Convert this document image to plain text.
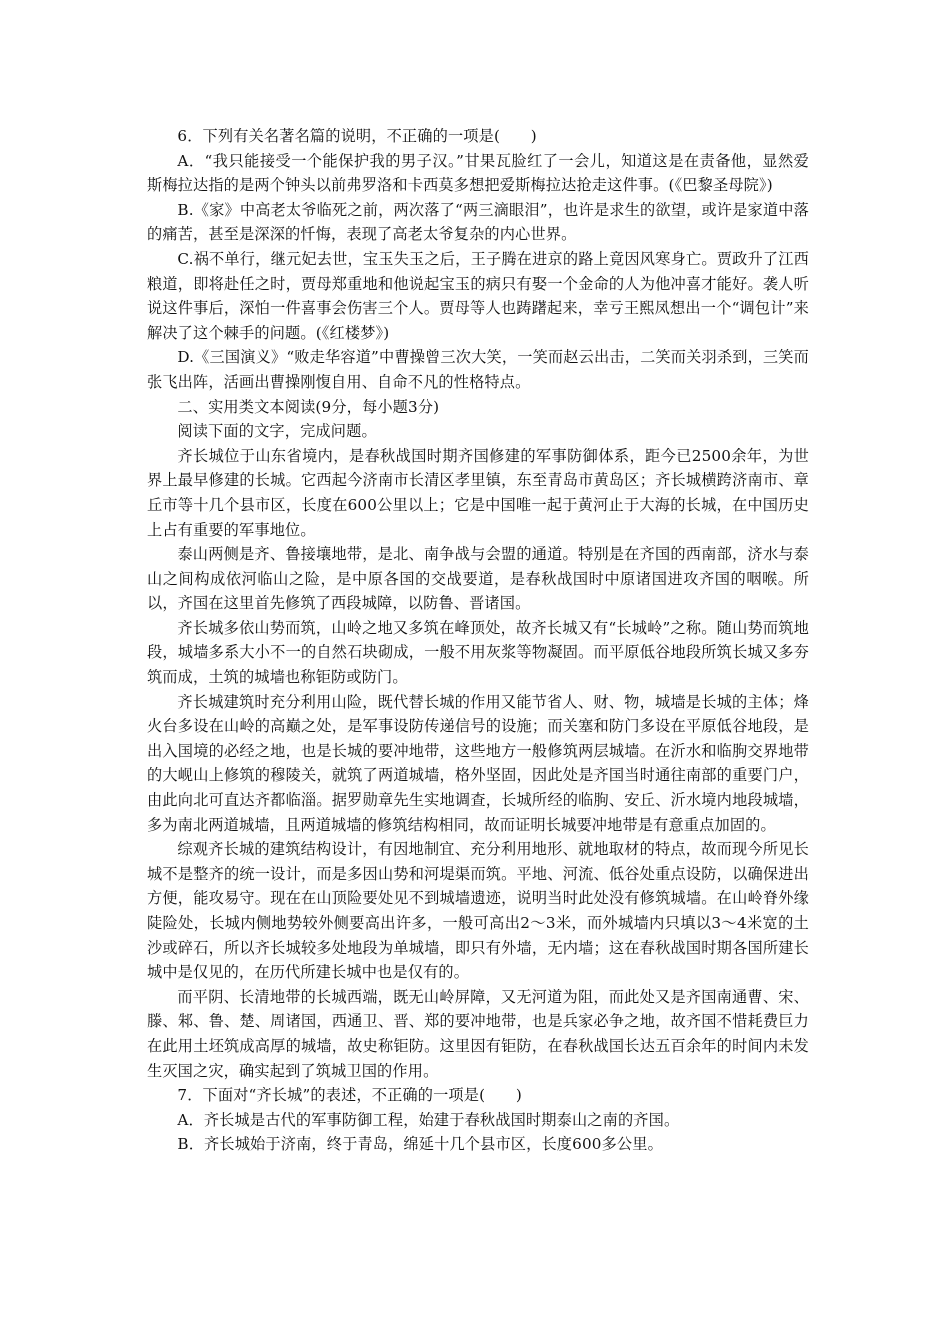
6．下列有关名著名篇的说明，不正确的一项是(　　)

A．“我只能接受一个能保护我的男子汉。”甘果瓦脸红了一会儿，知道这是在责备他，显然爱斯梅拉达指的是两个钟头以前弗罗洛和卡西莫多想把爱斯梅拉达抢走这件事。(《巴黎圣母院》)

B.《家》中高老太爷临死之前，两次落了“两三滴眼泪”，也许是求生的欲望，或许是家道中落的痛苦，甚至是深深的忏悔，表现了高老太爷复杂的内心世界。

C.祸不单行，继元妃去世，宝玉失玉之后，王子腾在进京的路上竟因风寒身亡。贾政升了江西粮道，即将赴任之时，贾母郑重地和他说起宝玉的病只有娶一个金命的人为他冲喜才能好。袭人听说这件事后，深怕一件喜事会伤害三个人。贾母等人也踌躇起来，幸亏王熙凤想出一个“调包计”来解决了这个棘手的问题。(《红楼梦》)

D.《三国演义》“败走华容道”中曹操曾三次大笑，一笑而赵云出击，二笑而关羽杀到，三笑而张飞出阵，活画出曹操刚愎自用、自命不凡的性格特点。

二、实用类文本阅读(9分，每小题3分)

阅读下面的文字，完成问题。

齐长城位于山东省境内，是春秋战国时期齐国修建的军事防御体系，距今已2500余年，为世界上最早修建的长城。它西起今济南市长清区孝里镇，东至青岛市黄岛区；齐长城横跨济南市、章丘市等十几个县市区，长度在600公里以上；它是中国唯一起于黄河止于大海的长城，在中国历史上占有重要的军事地位。

泰山两侧是齐、鲁接壤地带，是北、南争战与会盟的通道。特别是在齐国的西南部，济水与泰山之间构成依河临山之险，是中原各国的交战要道，是春秋战国时中原诸国进攻齐国的咽喉。所以，齐国在这里首先修筑了西段城障，以防鲁、晋诸国。

齐长城多依山势而筑，山岭之地又多筑在峰顶处，故齐长城又有“长城岭”之称。随山势而筑地段，城墙多系大小不一的自然石块砌成，一般不用灰浆等物凝固。而平原低谷地段所筑长城又多夯筑而成，土筑的城墙也称钜防或防门。

齐长城建筑时充分利用山险，既代替长城的作用又能节省人、财、物，城墙是长城的主体；烽火台多设在山岭的高巅之处，是军事设防传递信号的设施；而关塞和防门多设在平原低谷地段，是出入国境的必经之地，也是长城的要冲地带，这些地方一般修筑两层城墙。在沂水和临朐交界地带的大岘山上修筑的穆陵关，就筑了两道城墙，格外坚固，因此处是齐国当时通往南部的重要门户，由此向北可直达齐都临淄。据罗勋章先生实地调查，长城所经的临朐、安丘、沂水境内地段城墙，多为南北两道城墙，且两道城墙的修筑结构相同，故而证明长城要冲地带是有意重点加固的。

综观齐长城的建筑结构设计，有因地制宜、充分利用地形、就地取材的特点，故而现今所见长城不是整齐的统一设计，而是多因山势和河堤渠而筑。平地、河流、低谷处重点设防，以确保进出方便，能攻易守。现在在山顶险要处见不到城墙遗迹，说明当时此处没有修筑城墙。在山岭脊外缘陡险处，长城内侧地势较外侧要高出许多，一般可高出2～3米，而外城墙内只填以3～4米宽的土沙或碎石，所以齐长城较多处地段为单城墙，即只有外墙，无内墙；这在春秋战国时期各国所建长城中是仅见的，在历代所建长城中也是仅有的。

而平阴、长清地带的长城西端，既无山岭屏障，又无河道为阻，而此处又是齐国南通曹、宋、滕、邾、鲁、楚、周诸国，西通卫、晋、郑的要冲地带，也是兵家必争之地，故齐国不惜耗费巨力在此用土坯筑成高厚的城墙，故史称钜防。这里因有钜防，在春秋战国长达五百余年的时间内未发生灭国之灾，确实起到了筑城卫国的作用。

7．下面对“齐长城”的表述，不正确的一项是(　　)

A．齐长城是古代的军事防御工程，始建于春秋战国时期泰山之南的齐国。

B．齐长城始于济南，终于青岛，绵延十几个县市区，长度600多公里。
